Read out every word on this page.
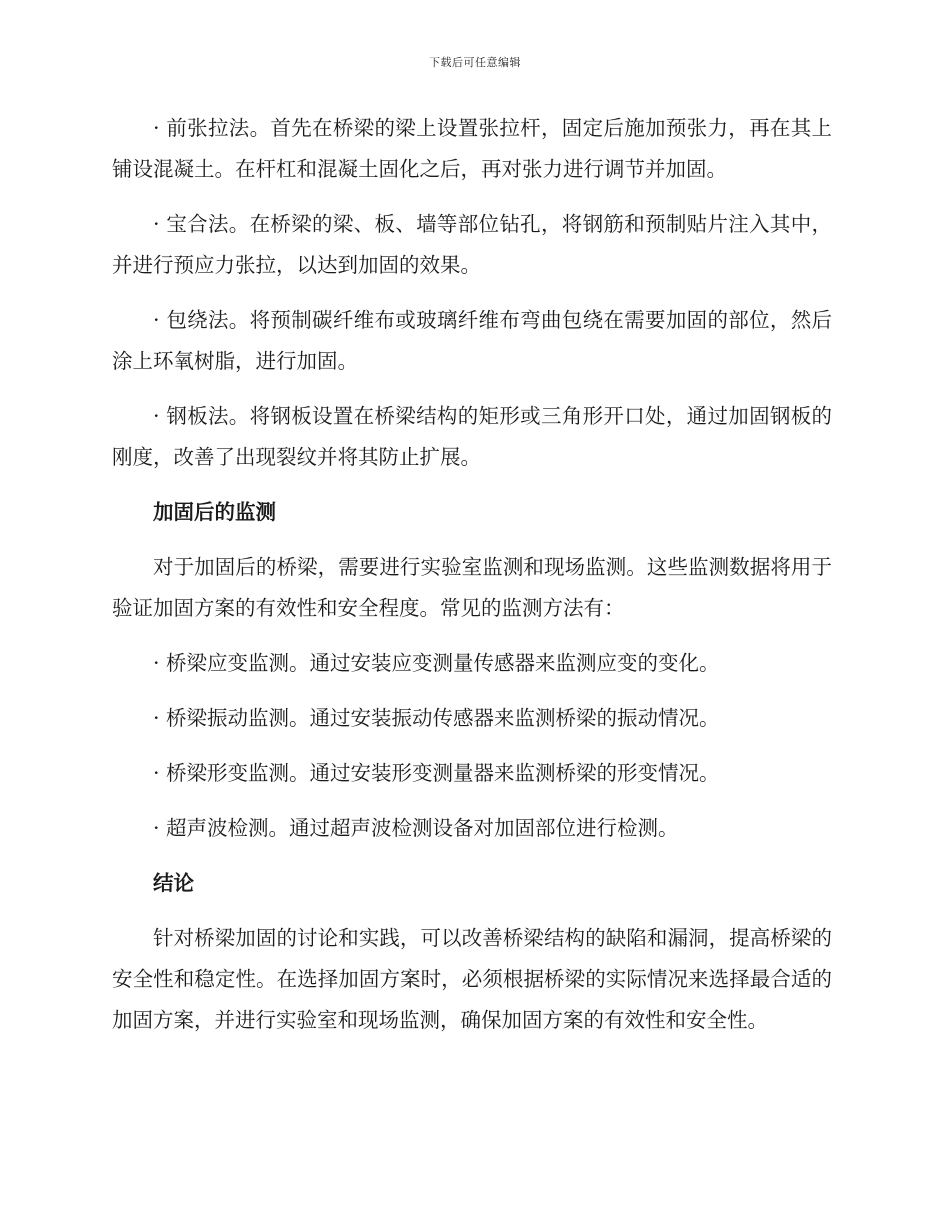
下载后可任意编辑

· 前张拉法。首先在桥梁的梁上设置张拉杆，固定后施加预张力，再在其上铺设混凝土。在杆杠和混凝土固化之后，再对张力进行调节并加固。

· 宝合法。在桥梁的梁、板、墙等部位钻孔，将钢筋和预制贴片注入其中，并进行预应力张拉，以达到加固的效果。

· 包绕法。将预制碳纤维布或玻璃纤维布弯曲包绕在需要加固的部位，然后涂上环氧树脂，进行加固。

· 钢板法。将钢板设置在桥梁结构的矩形或三角形开口处，通过加固钢板的刚度，改善了出现裂纹并将其防止扩展。

加固后的监测

对于加固后的桥梁，需要进行实验室监测和现场监测。这些监测数据将用于验证加固方案的有效性和安全程度。常见的监测方法有：

· 桥梁应变监测。通过安装应变测量传感器来监测应变的变化。

· 桥梁振动监测。通过安装振动传感器来监测桥梁的振动情况。

· 桥梁形变监测。通过安装形变测量器来监测桥梁的形变情况。

· 超声波检测。通过超声波检测设备对加固部位进行检测。

结论

针对桥梁加固的讨论和实践，可以改善桥梁结构的缺陷和漏洞，提高桥梁的安全性和稳定性。在选择加固方案时，必须根据桥梁的实际情况来选择最合适的加固方案，并进行实验室和现场监测，确保加固方案的有效性和安全性。
